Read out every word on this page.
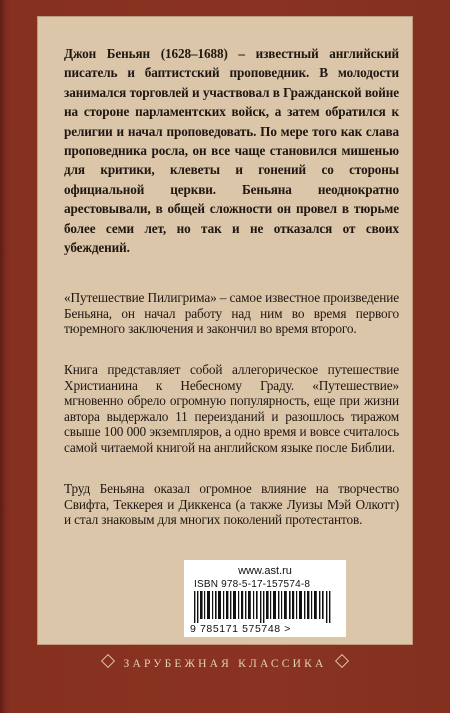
Джон Беньян (1628–1688) – известный английский писатель и баптистский проповедник. В молодости занимался торговлей и участвовал в Гражданской войне на стороне парламентских войск, а затем обратился к религии и начал проповедовать. По мере того как слава проповедника росла, он все чаще становился мишенью для критики, клеветы и гонений со стороны официальной церкви. Беньяна неоднократно арестовывали, в общей сложности он провел в тюрьме более семи лет, но так и не отказался от своих убеждений.

«Путешествие Пилигрима» – самое известное произведение Беньяна, он начал работу над ним во время первого тюремного заключения и закончил во время второго.

Книга представляет собой аллегорическое путешествие Христианина к Небесному Граду. «Путешествие» мгновенно обрело огромную популярность, еще при жизни автора выдержало 11 переизданий и разошлось тиражом свыше 100 000 экземпляров, а одно время и вовсе считалось самой читаемой книгой на английском языке после Библии.

Труд Беньяна оказал огромное влияние на творчество Свифта, Теккерея и Диккенса (а также Луизы Мэй Олкотт) и стал знаковым для многих поколений протестантов.

www.ast.ru
ISBN 978-5-17-157574-8
9 785171 575748 >
ЗАРУБЕЖНАЯ КЛАССИКА
